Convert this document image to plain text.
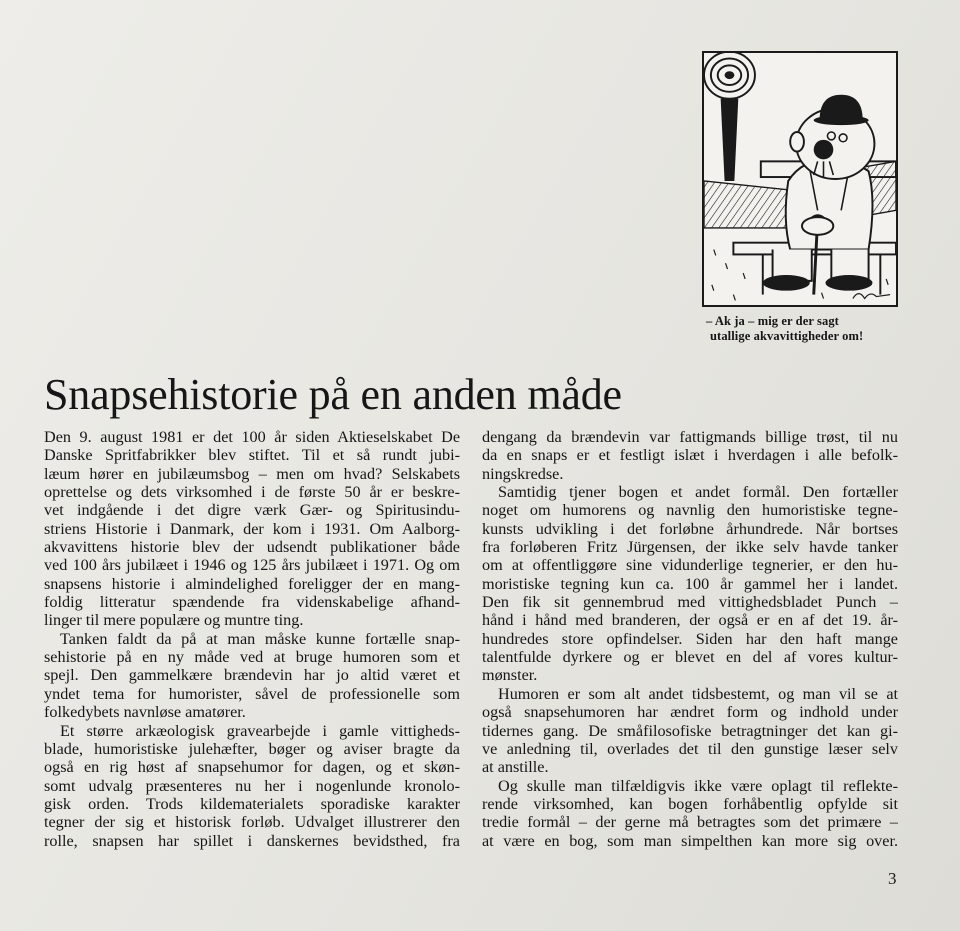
– Ak ja – mig er der sagt
utallige akvavittigheder om!
Snapsehistorie på en anden måde
Den 9. august 1981 er det 100 år siden Aktieselskabet De
Danske Spritfabrikker blev stiftet. Til et så rundt jubi-
læum hører en jubilæumsbog – men om hvad? Selskabets
oprettelse og dets virksomhed i de første 50 år er beskre-
vet indgående i det digre værk Gær- og Spiritusindu-
striens Historie i Danmark, der kom i 1931. Om Aalborg-
akvavittens historie blev der udsendt publikationer både
ved 100 års jubilæet i 1946 og 125 års jubilæet i 1971. Og om
snapsens historie i almindelighed foreligger der en mang-
foldig litteratur spændende fra videnskabelige afhand-
linger til mere populære og muntre ting.
Tanken faldt da på at man måske kunne fortælle snap-
sehistorie på en ny måde ved at bruge humoren som et
spejl. Den gammelkære brændevin har jo altid været et
yndet tema for humorister, såvel de professionelle som
folkedybets navnløse amatører.
Et større arkæologisk gravearbejde i gamle vittigheds-
blade, humoristiske julehæfter, bøger og aviser bragte da
også en rig høst af snapsehumor for dagen, og et skøn-
somt udvalg præsenteres nu her i nogenlunde kronolo-
gisk orden. Trods kildematerialets sporadiske karakter
tegner der sig et historisk forløb. Udvalget illustrerer den
rolle, snapsen har spillet i danskernes bevidsthed, fra
dengang da brændevin var fattigmands billige trøst, til nu
da en snaps er et festligt islæt i hverdagen i alle befolk-
ningskredse.
Samtidig tjener bogen et andet formål. Den fortæller
noget om humorens og navnlig den humoristiske tegne-
kunsts udvikling i det forløbne århundrede. Når bortses
fra forløberen Fritz Jürgensen, der ikke selv havde tanker
om at offentliggøre sine vidunderlige tegnerier, er den hu-
moristiske tegning kun ca. 100 år gammel her i landet.
Den fik sit gennembrud med vittighedsbladet Punch –
hånd i hånd med branderen, der også er en af det 19. år-
hundredes store opfindelser. Siden har den haft mange
talentfulde dyrkere og er blevet en del af vores kultur-
mønster.
Humoren er som alt andet tidsbestemt, og man vil se at
også snapsehumoren har ændret form og indhold under
tidernes gang. De småfilosofiske betragtninger det kan gi-
ve anledning til, overlades det til den gunstige læser selv
at anstille.
Og skulle man tilfældigvis ikke være oplagt til reflekte-
rende virksomhed, kan bogen forhåbentlig opfylde sit
tredie formål – der gerne må betragtes som det primære –
at være en bog, som man simpelthen kan more sig over.
3
